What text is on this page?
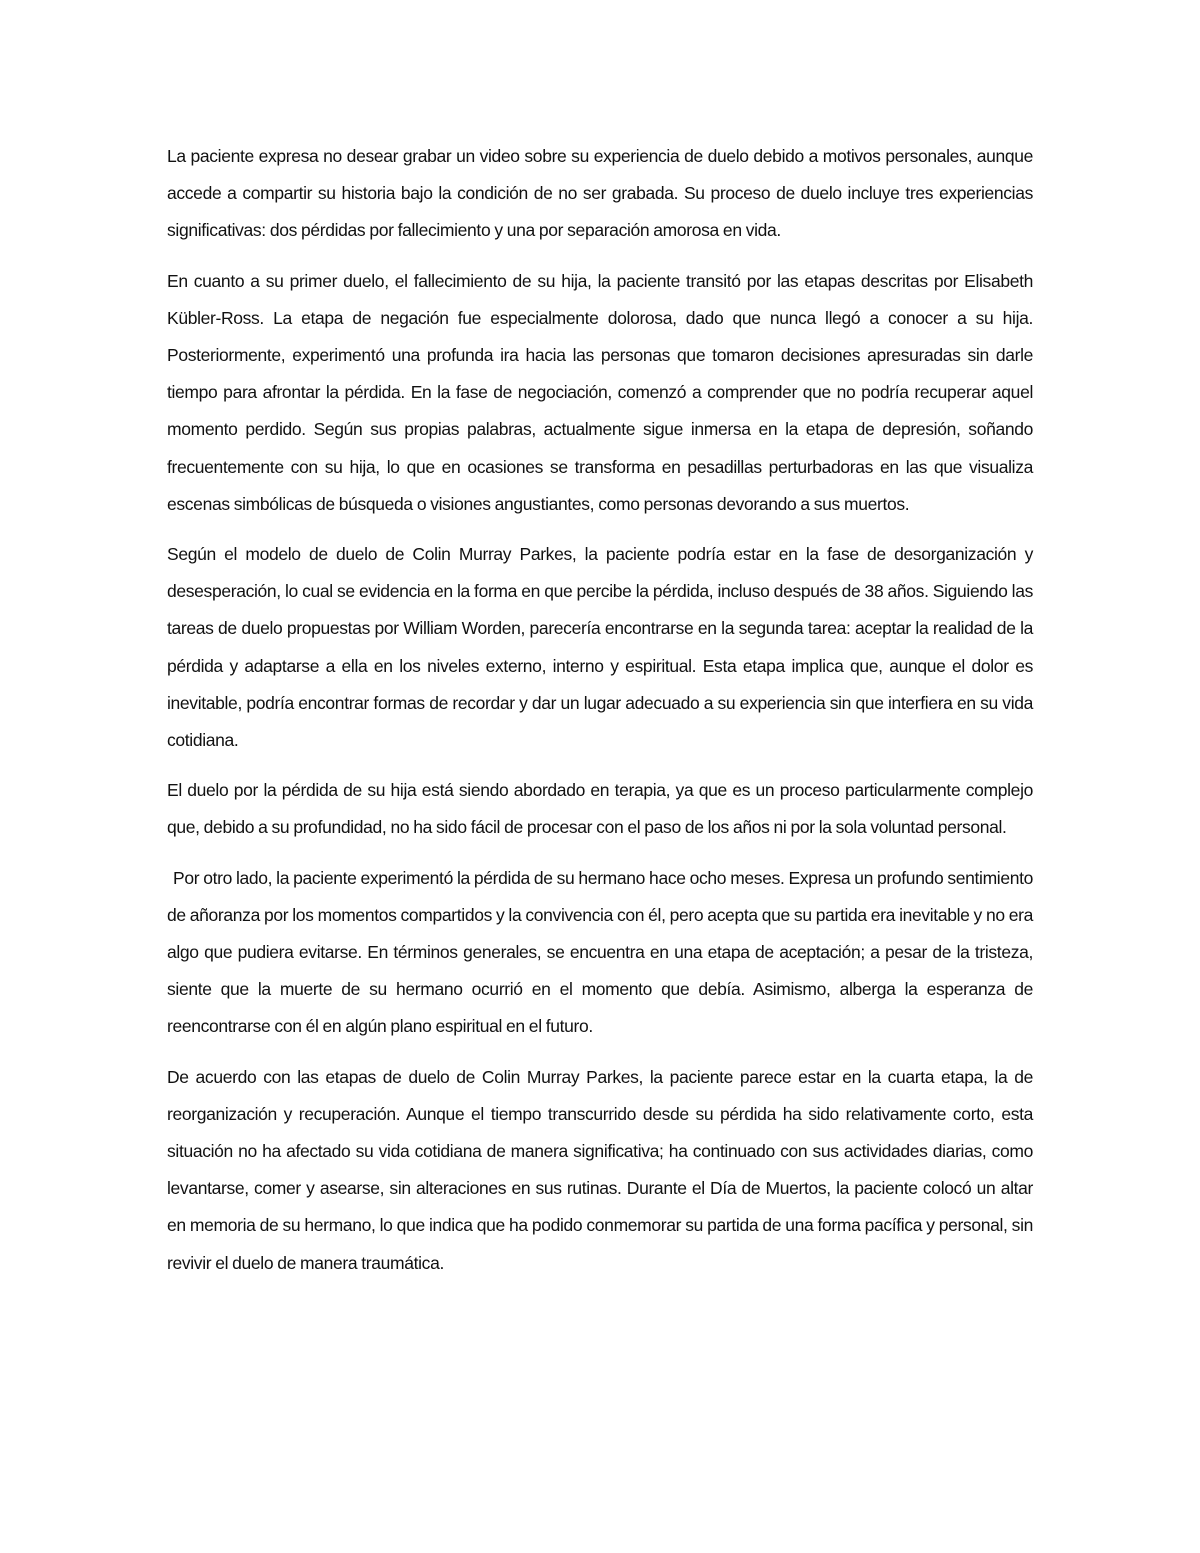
La paciente expresa no desear grabar un video sobre su experiencia de duelo debido a motivos personales, aunque accede a compartir su historia bajo la condición de no ser grabada. Su proceso de duelo incluye tres experiencias significativas: dos pérdidas por fallecimiento y una por separación amorosa en vida.

En cuanto a su primer duelo, el fallecimiento de su hija, la paciente transitó por las etapas descritas por Elisabeth Kübler-Ross. La etapa de negación fue especialmente dolorosa, dado que nunca llegó a conocer a su hija. Posteriormente, experimentó una profunda ira hacia las personas que tomaron decisiones apresuradas sin darle tiempo para afrontar la pérdida. En la fase de negociación, comenzó a comprender que no podría recuperar aquel momento perdido. Según sus propias palabras, actualmente sigue inmersa en la etapa de depresión, soñando frecuentemente con su hija, lo que en ocasiones se transforma en pesadillas perturbadoras en las que visualiza escenas simbólicas de búsqueda o visiones angustiantes, como personas devorando a sus muertos.

Según el modelo de duelo de Colin Murray Parkes, la paciente podría estar en la fase de desorganización y desesperación, lo cual se evidencia en la forma en que percibe la pérdida, incluso después de 38 años. Siguiendo las tareas de duelo propuestas por William Worden, parecería encontrarse en la segunda tarea: aceptar la realidad de la pérdida y adaptarse a ella en los niveles externo, interno y espiritual. Esta etapa implica que, aunque el dolor es inevitable, podría encontrar formas de recordar y dar un lugar adecuado a su experiencia sin que interfiera en su vida cotidiana.

El duelo por la pérdida de su hija está siendo abordado en terapia, ya que es un proceso particularmente complejo que, debido a su profundidad, no ha sido fácil de procesar con el paso de los años ni por la sola voluntad personal.

Por otro lado, la paciente experimentó la pérdida de su hermano hace ocho meses. Expresa un profundo sentimiento de añoranza por los momentos compartidos y la convivencia con él, pero acepta que su partida era inevitable y no era algo que pudiera evitarse. En términos generales, se encuentra en una etapa de aceptación; a pesar de la tristeza, siente que la muerte de su hermano ocurrió en el momento que debía. Asimismo, alberga la esperanza de reencontrarse con él en algún plano espiritual en el futuro.

De acuerdo con las etapas de duelo de Colin Murray Parkes, la paciente parece estar en la cuarta etapa, la de reorganización y recuperación. Aunque el tiempo transcurrido desde su pérdida ha sido relativamente corto, esta situación no ha afectado su vida cotidiana de manera significativa; ha continuado con sus actividades diarias, como levantarse, comer y asearse, sin alteraciones en sus rutinas. Durante el Día de Muertos, la paciente colocó un altar en memoria de su hermano, lo que indica que ha podido conmemorar su partida de una forma pacífica y personal, sin revivir el duelo de manera traumática.
